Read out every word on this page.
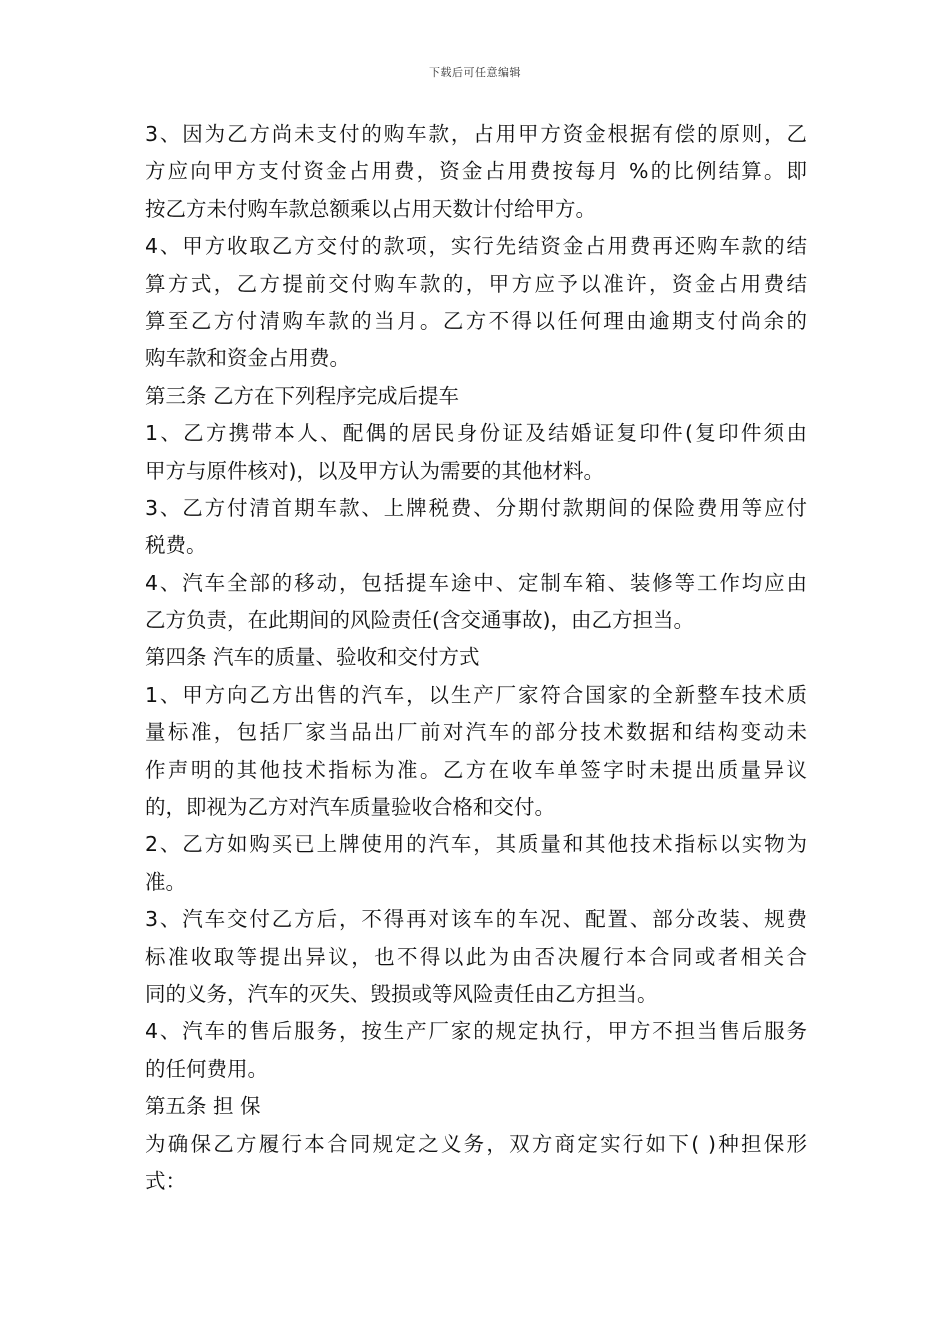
下载后可任意编辑
3、因为乙方尚未支付的购车款，占用甲方资金根据有偿的原则，乙
方应向甲方支付资金占用费，资金占用费按每月 %的比例结算。即
按乙方未付购车款总额乘以占用天数计付给甲方。
4、甲方收取乙方交付的款项，实行先结资金占用费再还购车款的结
算方式，乙方提前交付购车款的，甲方应予以准许，资金占用费结
算至乙方付清购车款的当月。乙方不得以任何理由逾期支付尚余的
购车款和资金占用费。
第三条 乙方在下列程序完成后提车
1、乙方携带本人、配偶的居民身份证及结婚证复印件(复印件须由
甲方与原件核对)，以及甲方认为需要的其他材料。
3、乙方付清首期车款、上牌税费、分期付款期间的保险费用等应付
税费。
4、汽车全部的移动，包括提车途中、定制车箱、装修等工作均应由
乙方负责，在此期间的风险责任(含交通事故)，由乙方担当。
第四条 汽车的质量、验收和交付方式
1、甲方向乙方出售的汽车，以生产厂家符合国家的全新整车技术质
量标准，包括厂家当品出厂前对汽车的部分技术数据和结构变动未
作声明的其他技术指标为准。乙方在收车单签字时未提出质量异议
的，即视为乙方对汽车质量验收合格和交付。
2、乙方如购买已上牌使用的汽车，其质量和其他技术指标以实物为
准。
3、汽车交付乙方后，不得再对该车的车况、配置、部分改装、规费
标准收取等提出异议，也不得以此为由否决履行本合同或者相关合
同的义务，汽车的灭失、毁损或等风险责任由乙方担当。
4、汽车的售后服务，按生产厂家的规定执行，甲方不担当售后服务
的任何费用。
第五条 担 保
为确保乙方履行本合同规定之义务，双方商定实行如下( )种担保形
式：
